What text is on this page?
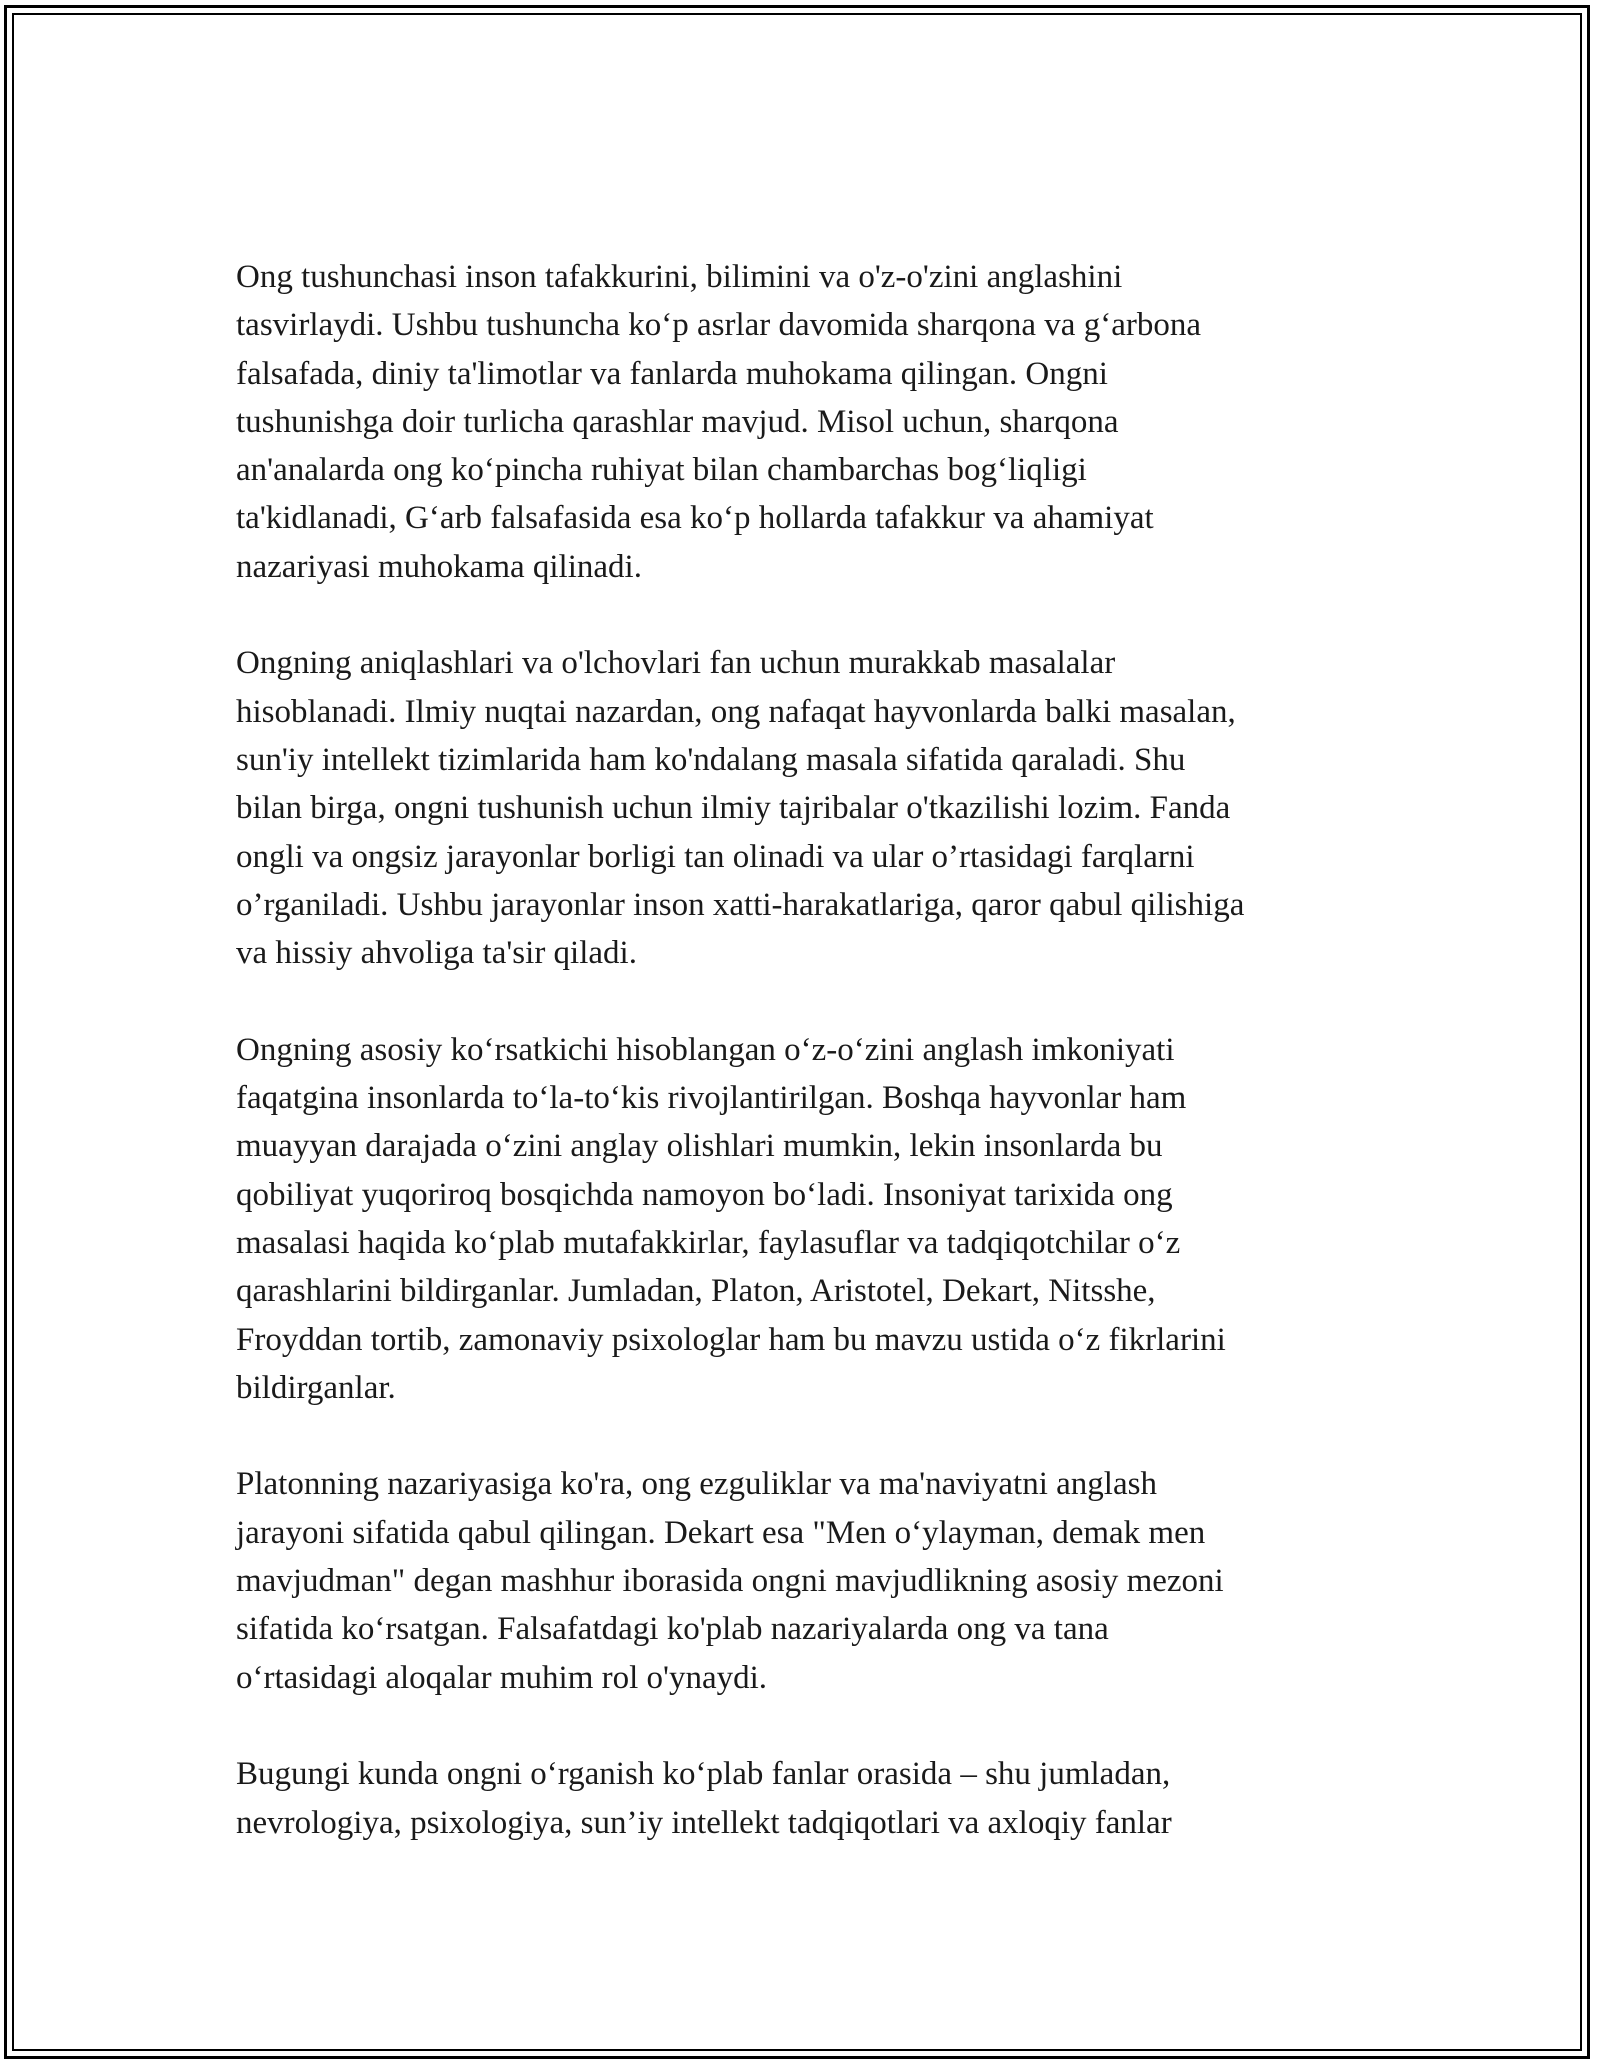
Ong tushunchasi inson tafakkurini, bilimini va o'z-o'zini anglashini
tasvirlaydi. Ushbu tushuncha ko‘p asrlar davomida sharqona va g‘arbona
falsafada, diniy ta'limotlar va fanlarda muhokama qilingan. Ongni
tushunishga doir turlicha qarashlar mavjud. Misol uchun, sharqona
an'analarda ong ko‘pincha ruhiyat bilan chambarchas bog‘liqligi
ta'kidlanadi, G‘arb falsafasida esa ko‘p hollarda tafakkur va ahamiyat
nazariyasi muhokama qilinadi.
Ongning aniqlashlari va o'lchovlari fan uchun murakkab masalalar
hisoblanadi. Ilmiy nuqtai nazardan, ong nafaqat hayvonlarda balki masalan,
sun'iy intellekt tizimlarida ham ko'ndalang masala sifatida qaraladi. Shu
bilan birga, ongni tushunish uchun ilmiy tajribalar o'tkazilishi lozim. Fanda
ongli va ongsiz jarayonlar borligi tan olinadi va ular o’rtasidagi farqlarni
o’rganiladi. Ushbu jarayonlar inson xatti-harakatlariga, qaror qabul qilishiga
va hissiy ahvoliga ta'sir qiladi.
Ongning asosiy ko‘rsatkichi hisoblangan o‘z-o‘zini anglash imkoniyati
faqatgina insonlarda to‘la-to‘kis rivojlantirilgan. Boshqa hayvonlar ham
muayyan darajada o‘zini anglay olishlari mumkin, lekin insonlarda bu
qobiliyat yuqoriroq bosqichda namoyon bo‘ladi. Insoniyat tarixida ong
masalasi haqida ko‘plab mutafakkirlar, faylasuflar va tadqiqotchilar o‘z
qarashlarini bildirganlar. Jumladan, Platon, Aristotel, Dekart, Nitsshe,
Froyddan tortib, zamonaviy psixologlar ham bu mavzu ustida o‘z fikrlarini
bildirganlar.
Platonning nazariyasiga ko'ra, ong ezguliklar va ma'naviyatni anglash
jarayoni sifatida qabul qilingan. Dekart esa "Men o‘ylayman, demak men
mavjudman" degan mashhur iborasida ongni mavjudlikning asosiy mezoni
sifatida ko‘rsatgan. Falsafatdagi ko'plab nazariyalarda ong va tana
o‘rtasidagi aloqalar muhim rol o'ynaydi.
Bugungi kunda ongni o‘rganish ko‘plab fanlar orasida – shu jumladan,
nevrologiya, psixologiya, sun’iy intellekt tadqiqotlari va axloqiy fanlar
